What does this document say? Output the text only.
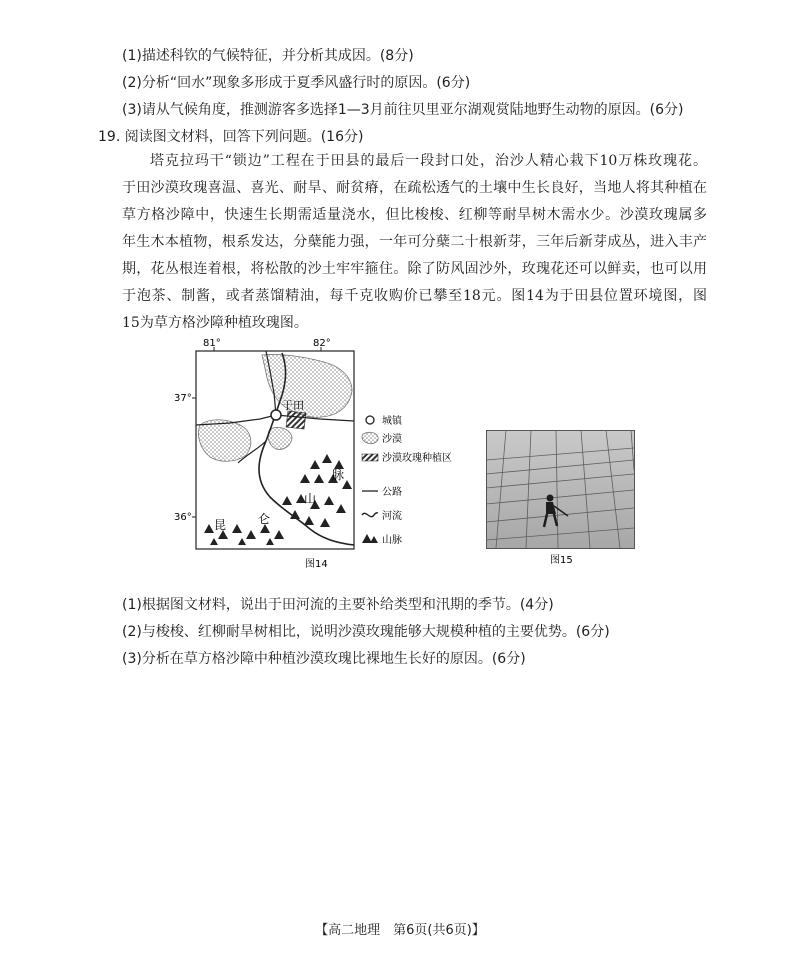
(1)描述科钦的气候特征，并分析其成因。(8分)
(2)分析“回水”现象多形成于夏季风盛行时的原因。(6分)
(3)请从气候角度，推测游客多选择1—3月前往贝里亚尔湖观赏陆地野生动物的原因。(6分)
19. 阅读图文材料，回答下列问题。(16分)
塔克拉玛干“锁边”工程在于田县的最后一段封口处，治沙人精心栽下10万株玫瑰花。
于田沙漠玫瑰喜温、喜光、耐旱、耐贫瘠，在疏松透气的土壤中生长良好，当地人将其种植在
草方格沙障中，快速生长期需适量浇水，但比梭梭、红柳等耐旱树木需水少。沙漠玫瑰属多
年生木本植物，根系发达，分蘖能力强，一年可分蘖二十根新芽，三年后新芽成丛，进入丰产
期，花丛根连着根，将松散的沙土牢牢箍住。除了防风固沙外，玫瑰花还可以鲜卖，也可以用
于泡茶、制酱，或者蒸馏精油，每千克收购价已攀至18元。图14为于田县位置环境图，图
15为草方格沙障种植玫瑰图。
81°	82°
37°
36°
于田
昆	仑
山
脉
城镇
沙漠
沙漠玫瑰种植区
公路
河流
山脉
图14	图15
(1)根据图文材料，说出于田河流的主要补给类型和汛期的季节。(4分)
(2)与梭梭、红柳耐旱树相比，说明沙漠玫瑰能够大规模种植的主要优势。(6分)
(3)分析在草方格沙障中种植沙漠玫瑰比裸地生长好的原因。(6分)
【高二地理　第6页(共6页)】
